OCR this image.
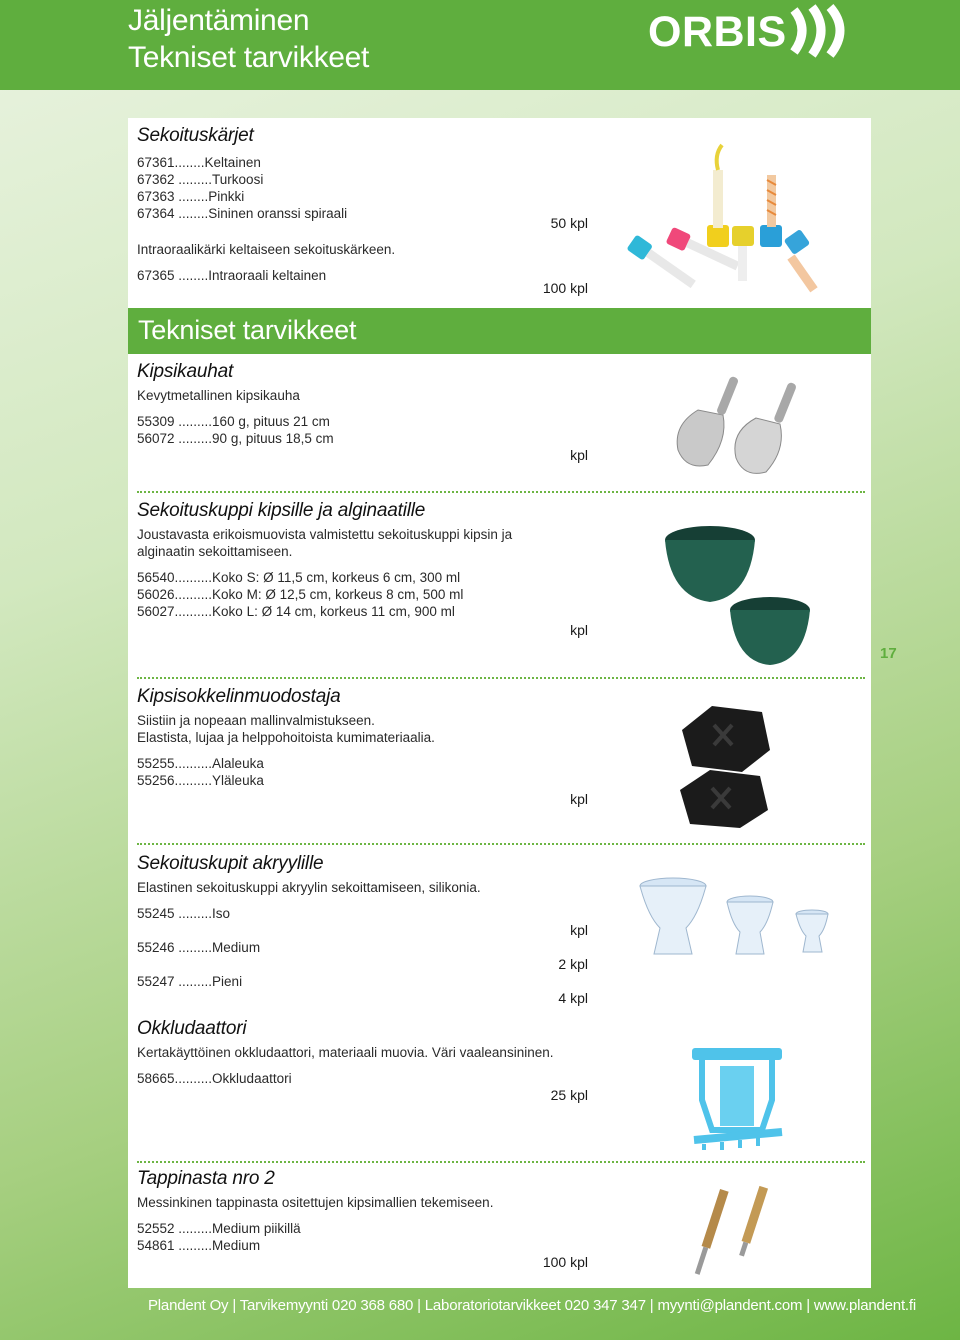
Jäljentäminen
Tekniset tarvikkeet
ORBIS
Sekoituskärjet
67361........Keltainen
67362 .........Turkoosi
67363 ........Pinkki
67364 ........Sininen oranssi spiraali
Intraoraalikärki keltaiseen sekoituskärkeen.
67365 ........Intraoraali keltainen
50 kpl
100 kpl
Tekniset tarvikkeet
Kipsikauhat
Kevytmetallinen kipsikauha
55309 .........160 g, pituus 21 cm
56072 .........90 g, pituus 18,5 cm
kpl
Sekoituskuppi kipsille ja alginaatille
Joustavasta erikoismuovista valmistettu sekoituskuppi kipsin ja
alginaatin sekoittamiseen.
56540..........Koko S: Ø 11,5 cm, korkeus 6 cm, 300 ml
56026..........Koko M: Ø 12,5 cm, korkeus 8 cm, 500 ml
56027..........Koko L: Ø 14 cm, korkeus 11 cm, 900 ml
kpl
17
Kipsisokkelinmuodostaja
Siistiin ja nopeaan mallinvalmistukseen.
Elastista, lujaa ja helppohoitoista kumimateriaalia.
55255..........Alaleuka
55256..........Yläleuka
kpl
Sekoituskupit akryylille
Elastinen sekoituskuppi akryylin sekoittamiseen, silikonia.
55245 .........Iso
55246 .........Medium
55247 .........Pieni
kpl
2 kpl
4 kpl
Okkludaattori
Kertakäyttöinen okkludaattori, materiaali muovia. Väri vaaleansininen.
58665..........Okkludaattori
25 kpl
Tappinasta nro 2
Messinkinen tappinasta ositettujen kipsimallien tekemiseen.
52552 .........Medium piikillä
54861 .........Medium
100 kpl
Plandent Oy | Tarvikemyynti 020 368 680 | Laboratoriotarvikkeet 020 347 347 | myynti@plandent.com | www.plandent.fi
